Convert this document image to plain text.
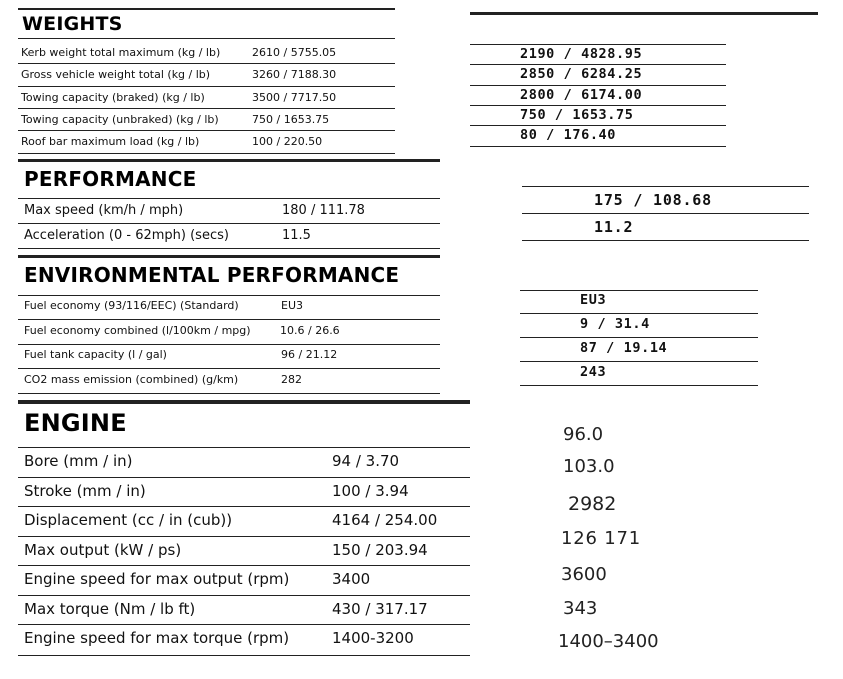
WEIGHTS
Kerb weight total maximum (kg / lb)	2610 / 5755.05
Gross vehicle weight total (kg / lb)	3260 / 7188.30
Towing capacity (braked) (kg / lb)	3500 / 7717.50
Towing capacity (unbraked) (kg / lb)	750 / 1653.75
Roof bar maximum load (kg / lb)	100 / 220.50
2190 / 4828.95
2850 / 6284.25
2800 / 6174.00
750 / 1653.75
80 / 176.40
PERFORMANCE
Max speed (km/h / mph)	180 / 111.78
Acceleration (0 - 62mph) (secs)	11.5
175 / 108.68
11.2
ENVIRONMENTAL PERFORMANCE
Fuel economy (93/116/EEC) (Standard)	EU3
Fuel economy combined (l/100km / mpg)	10.6 / 26.6
Fuel tank capacity (l / gal)	96 / 21.12
CO2 mass emission (combined) (g/km)	282
EU3
9 / 31.4
87 / 19.14
243
ENGINE
Bore (mm / in)	94 / 3.70
Stroke (mm / in)	100 / 3.94
Displacement (cc / in (cub))	4164 / 254.00
Max output (kW / ps)	150 / 203.94
Engine speed for max output (rpm)	3400
Max torque (Nm / lb ft)	430 / 317.17
Engine speed for max torque (rpm)	1400-3200
96.0
103.0
2982
126 171
3600
343
1400–3400
